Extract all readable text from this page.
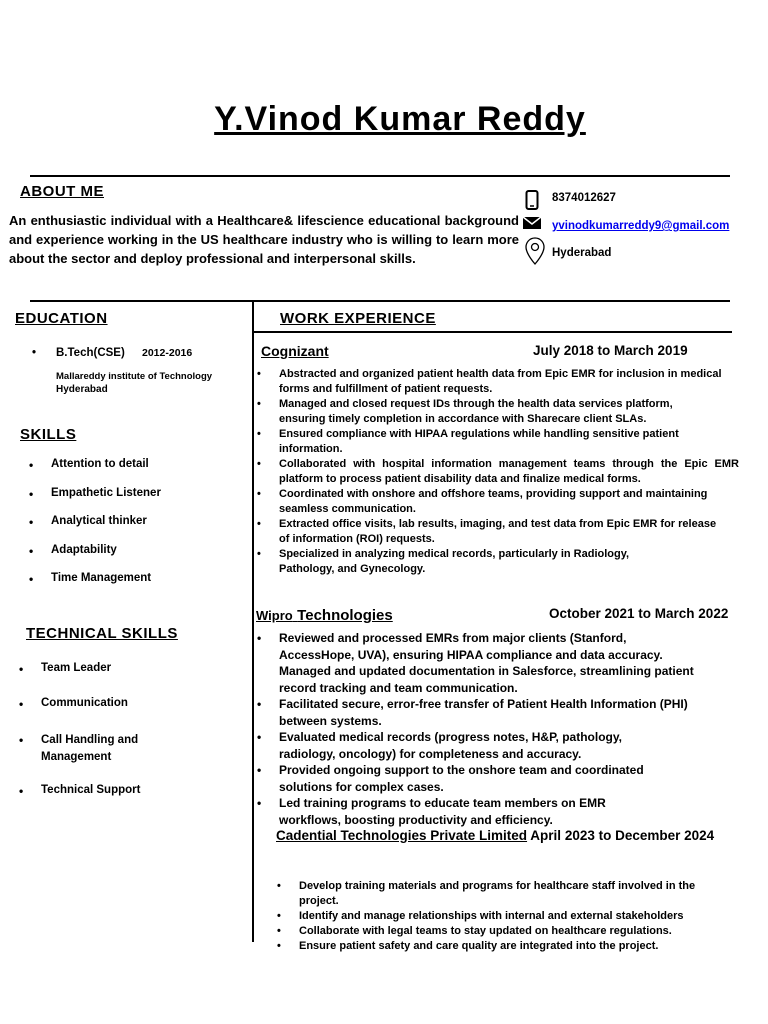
Y.Vinod Kumar Reddy
ABOUT ME
An enthusiastic individual with a Healthcare& lifescience educational background and experience working in the US healthcare industry who is willing to learn more about the sector and deploy professional and interpersonal skills.
8374012627
yvinodkumarreddy9@gmail.com
Hyderabad
EDUCATION
• B.Tech(CSE) 2012-2016
Mallareddy institute of Technology
Hyderabad
SKILLS
• Attention to detail
• Empathetic Listener
• Analytical thinker
• Adaptability
• Time Management
TECHNICAL SKILLS
• Team Leader
• Communication
• Call Handling and Management
• Technical Support
WORK EXPERIENCE
Cognizant	July 2018 to March 2019
• Abstracted and organized patient health data from Epic EMR for inclusion in medical forms and fulfillment of patient requests.
• Managed and closed request IDs through the health data services platform, ensuring timely completion in accordance with Sharecare client SLAs.
• Ensured compliance with HIPAA regulations while handling sensitive patient information.
• Collaborated with hospital information management teams through the Epic EMR platform to process patient disability data and finalize medical forms.
• Coordinated with onshore and offshore teams, providing support and maintaining seamless communication.
• Extracted office visits, lab results, imaging, and test data from Epic EMR for release of information (ROI) requests.
• Specialized in analyzing medical records, particularly in Radiology, Pathology, and Gynecology.
Wipro Technologies	October 2021 to March 2022
• Reviewed and processed EMRs from major clients (Stanford, AccessHope, UVA), ensuring HIPAA compliance and data accuracy. Managed and updated documentation in Salesforce, streamlining patient record tracking and team communication.
• Facilitated secure, error-free transfer of Patient Health Information (PHI) between systems.
• Evaluated medical records (progress notes, H&P, pathology, radiology, oncology) for completeness and accuracy.
• Provided ongoing support to the onshore team and coordinated solutions for complex cases.
• Led training programs to educate team members on EMR workflows, boosting productivity and efficiency.
Cadential Technologies Private Limited April 2023 to December 2024
• Develop training materials and programs for healthcare staff involved in the project.
• Identify and manage relationships with internal and external stakeholders
• Collaborate with legal teams to stay updated on healthcare regulations.
• Ensure patient safety and care quality are integrated into the project.
